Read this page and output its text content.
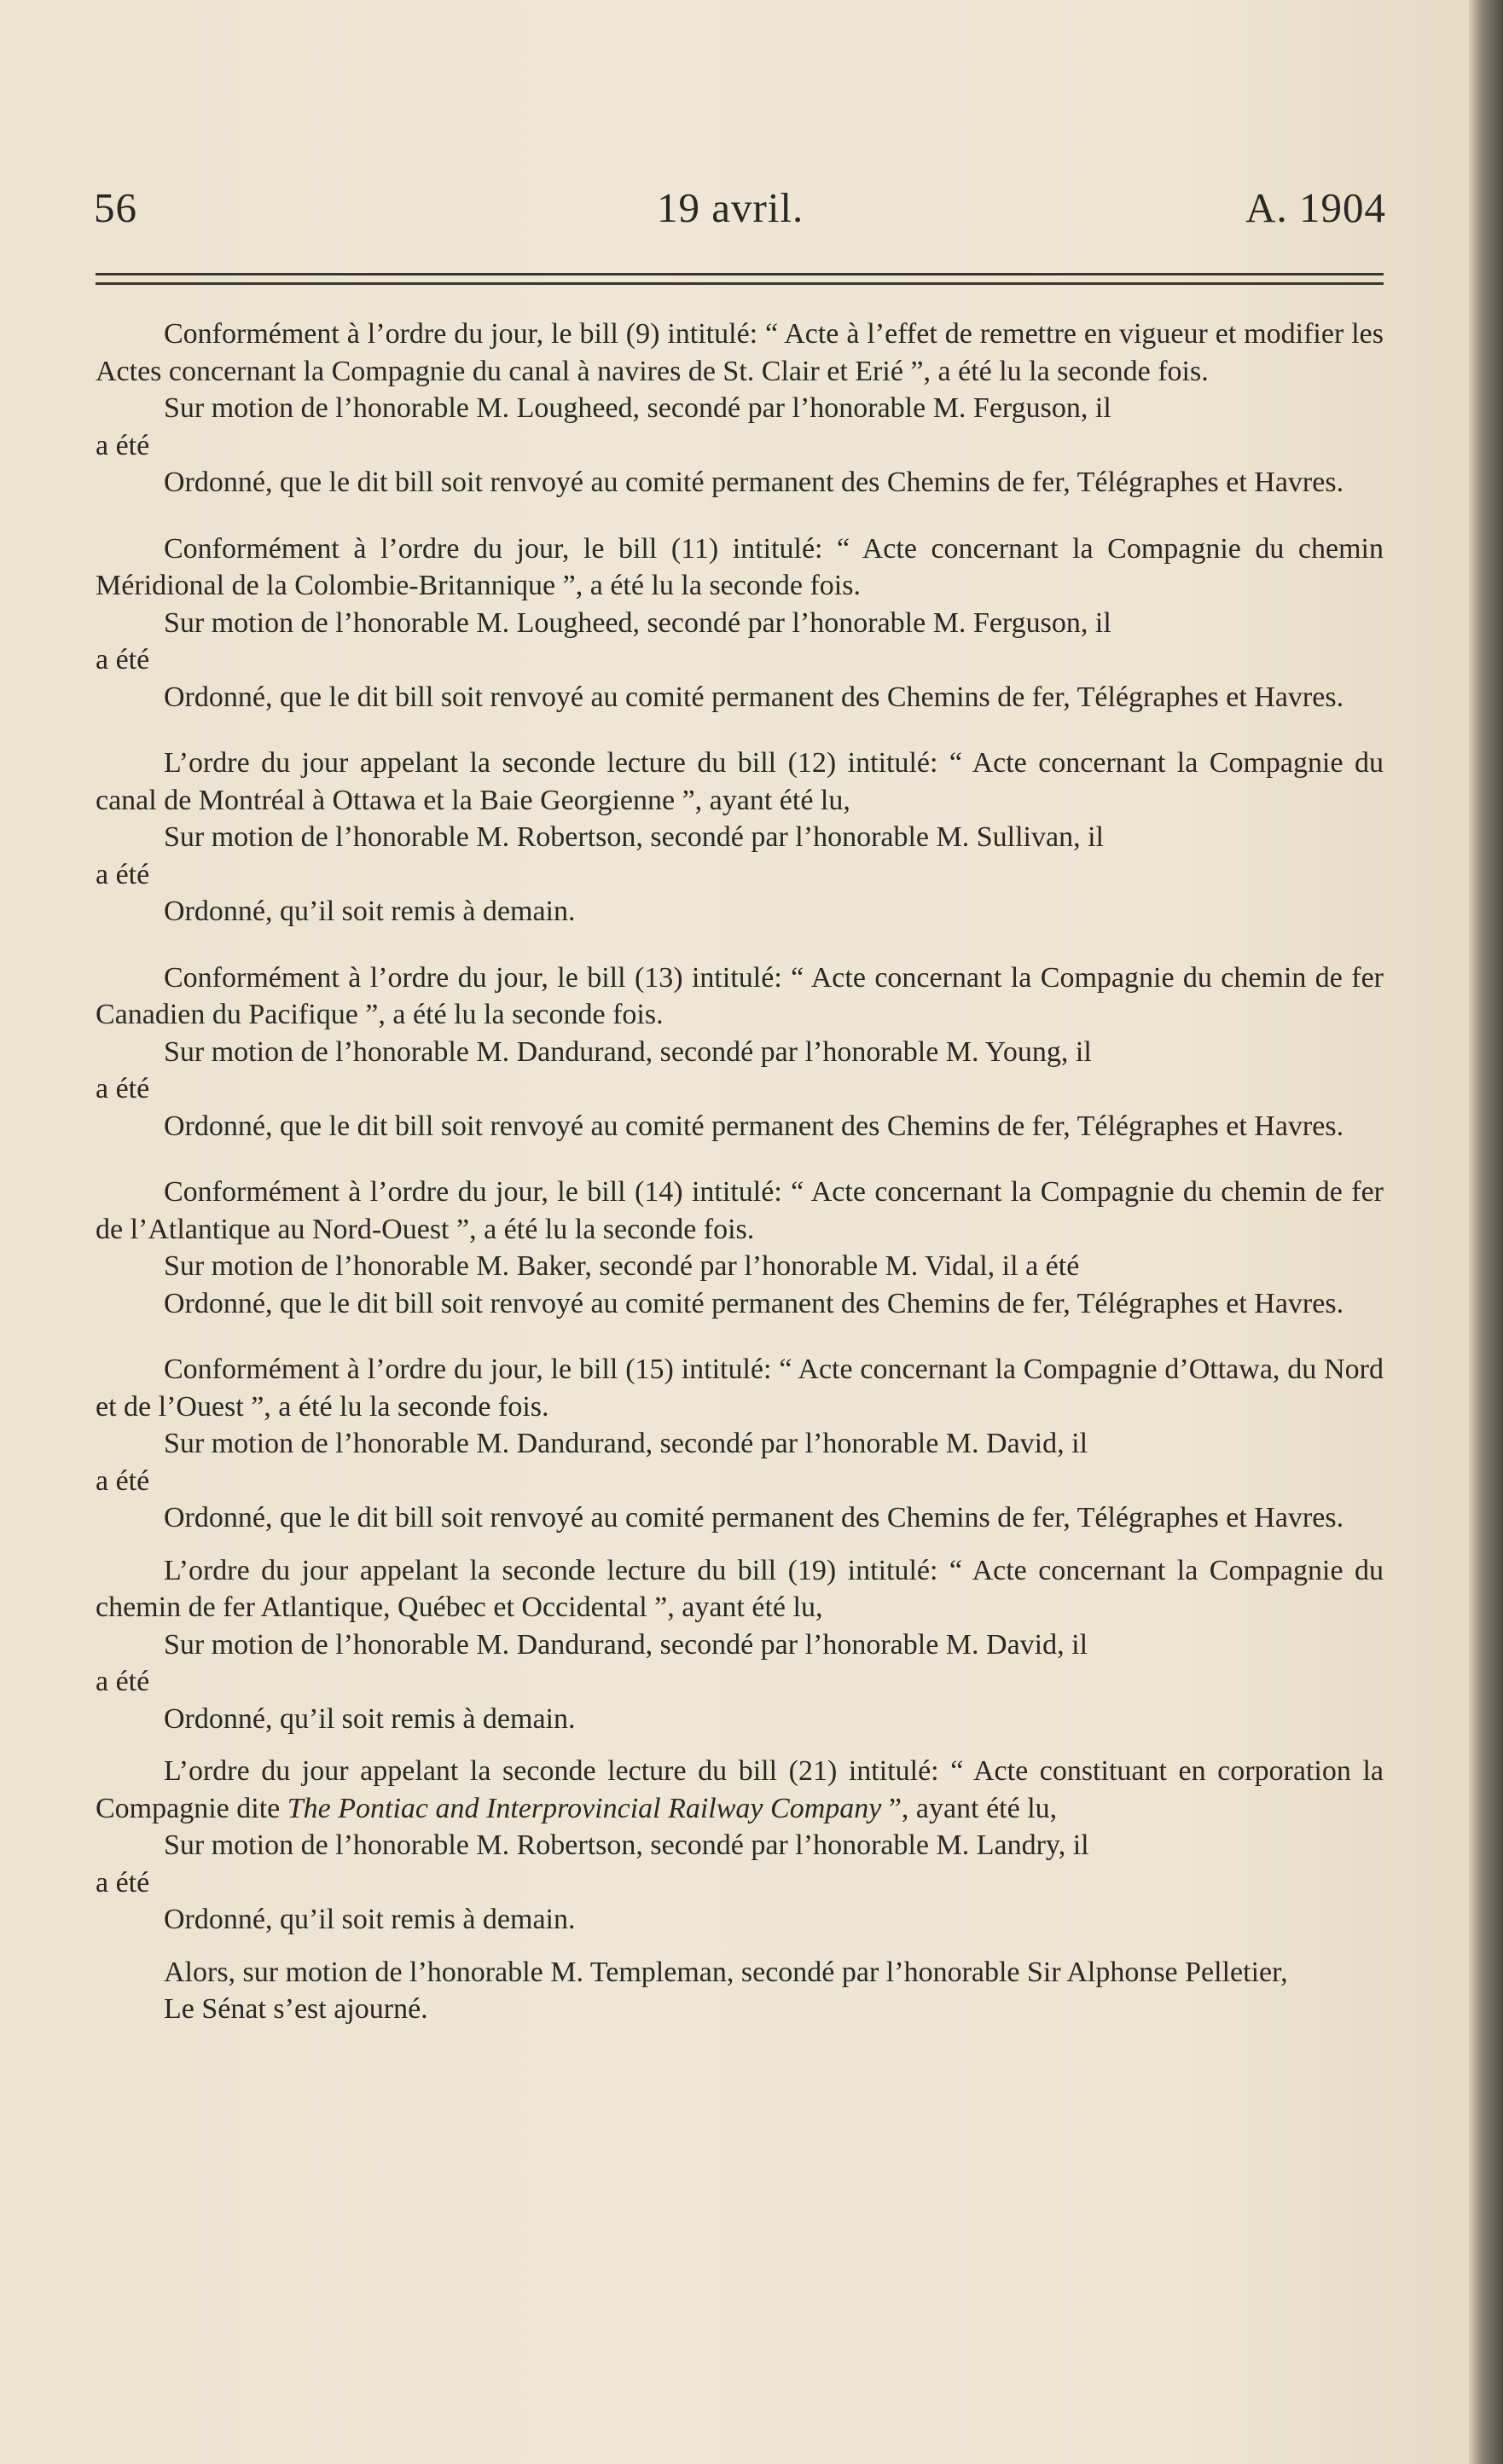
56	19 avril.	A. 1904

Conformément à l’ordre du jour, le bill (9) intitulé: “ Acte à l’effet de remettre en vigueur et modifier les Actes concernant la Compagnie du canal à navires de St. Clair et Erié ”, a été lu la seconde fois.

Sur motion de l’honorable M. Lougheed, secondé par l’honorable M. Ferguson, il

a été

Ordonné, que le dit bill soit renvoyé au comité permanent des Chemins de fer, Télégraphes et Havres.

Conformément à l’ordre du jour, le bill (11) intitulé: “ Acte concernant la Compagnie du chemin Méridional de la Colombie-Britannique ”, a été lu la seconde fois.

Sur motion de l’honorable M. Lougheed, secondé par l’honorable M. Ferguson, il

a été

Ordonné, que le dit bill soit renvoyé au comité permanent des Chemins de fer, Télégraphes et Havres.

L’ordre du jour appelant la seconde lecture du bill (12) intitulé: “ Acte concernant la Compagnie du canal de Montréal à Ottawa et la Baie Georgienne ”, ayant été lu,

Sur motion de l’honorable M. Robertson, secondé par l’honorable M. Sullivan, il

a été

Ordonné, qu’il soit remis à demain.

Conformément à l’ordre du jour, le bill (13) intitulé: “ Acte concernant la Compagnie du chemin de fer Canadien du Pacifique ”, a été lu la seconde fois.

Sur motion de l’honorable M. Dandurand, secondé par l’honorable M. Young, il

a été

Ordonné, que le dit bill soit renvoyé au comité permanent des Chemins de fer, Télégraphes et Havres.

Conformément à l’ordre du jour, le bill (14) intitulé: “ Acte concernant la Compagnie du chemin de fer de l’Atlantique au Nord-Ouest ”, a été lu la seconde fois.

Sur motion de l’honorable M. Baker, secondé par l’honorable M. Vidal, il a été

Ordonné, que le dit bill soit renvoyé au comité permanent des Chemins de fer, Télégraphes et Havres.

Conformément à l’ordre du jour, le bill (15) intitulé: “ Acte concernant la Compagnie d’Ottawa, du Nord et de l’Ouest ”, a été lu la seconde fois.

Sur motion de l’honorable M. Dandurand, secondé par l’honorable M. David, il

a été

Ordonné, que le dit bill soit renvoyé au comité permanent des Chemins de fer, Télégraphes et Havres.

L’ordre du jour appelant la seconde lecture du bill (19) intitulé: “ Acte concernant la Compagnie du chemin de fer Atlantique, Québec et Occidental ”, ayant été lu,

Sur motion de l’honorable M. Dandurand, secondé par l’honorable M. David, il

a été

Ordonné, qu’il soit remis à demain.

L’ordre du jour appelant la seconde lecture du bill (21) intitulé: “ Acte constituant en corporation la Compagnie dite The Pontiac and Interprovincial Railway Company ”, ayant été lu,

Sur motion de l’honorable M. Robertson, secondé par l’honorable M. Landry, il

a été

Ordonné, qu’il soit remis à demain.

Alors, sur motion de l’honorable M. Templeman, secondé par l’honorable Sir Alphonse Pelletier,

Le Sénat s’est ajourné.
